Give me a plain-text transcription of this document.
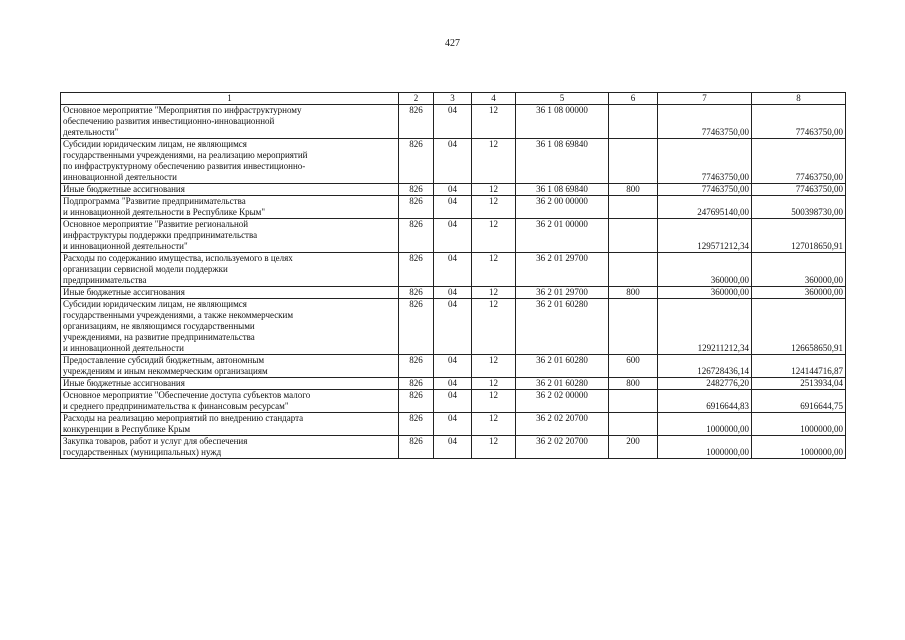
427
1	2	3	4	5	6	7	8
Основное мероприятие "Мероприятия по инфраструктурному
обеспечению развития инвестиционно-инновационной
деятельности"	826	04	12	36 1 08 00000		77463750,00	77463750,00
Субсидии юридическим лицам, не являющимся
государственными учреждениями, на реализацию мероприятий
по инфраструктурному обеспечению развития инвестиционно-
инновационной деятельности	826	04	12	36 1 08 69840		77463750,00	77463750,00
Иные бюджетные ассигнования	826	04	12	36 1 08 69840	800	77463750,00	77463750,00
Подпрограмма "Развитие предпринимательства
и инновационной деятельности в Республике Крым"	826	04	12	36 2 00 00000		247695140,00	500398730,00
Основное мероприятие "Развитие региональной
инфраструктуры поддержки предпринимательства
и инновационной деятельности"	826	04	12	36 2 01 00000		129571212,34	127018650,91
Расходы по содержанию имущества, используемого в целях
организации сервисной модели поддержки
предпринимательства	826	04	12	36 2 01 29700		360000,00	360000,00
Иные бюджетные ассигнования	826	04	12	36 2 01 29700	800	360000,00	360000,00
Субсидии юридическим лицам, не являющимся
государственными учреждениями, а также некоммерческим
организациям, не являющимся государственными
учреждениями, на развитие предпринимательства
и инновационной деятельности	826	04	12	36 2 01 60280		129211212,34	126658650,91
Предоставление субсидий бюджетным, автономным
учреждениям и иным некоммерческим организациям	826	04	12	36 2 01 60280	600	126728436,14	124144716,87
Иные бюджетные ассигнования	826	04	12	36 2 01 60280	800	2482776,20	2513934,04
Основное мероприятие "Обеспечение доступа субъектов малого
и среднего предпринимательства к финансовым ресурсам"	826	04	12	36 2 02 00000		6916644,83	6916644,75
Расходы на реализацию мероприятий по внедрению стандарта
конкуренции в Республике Крым	826	04	12	36 2 02 20700		1000000,00	1000000,00
Закупка товаров, работ и услуг для обеспечения
государственных (муниципальных) нужд	826	04	12	36 2 02 20700	200	1000000,00	1000000,00
